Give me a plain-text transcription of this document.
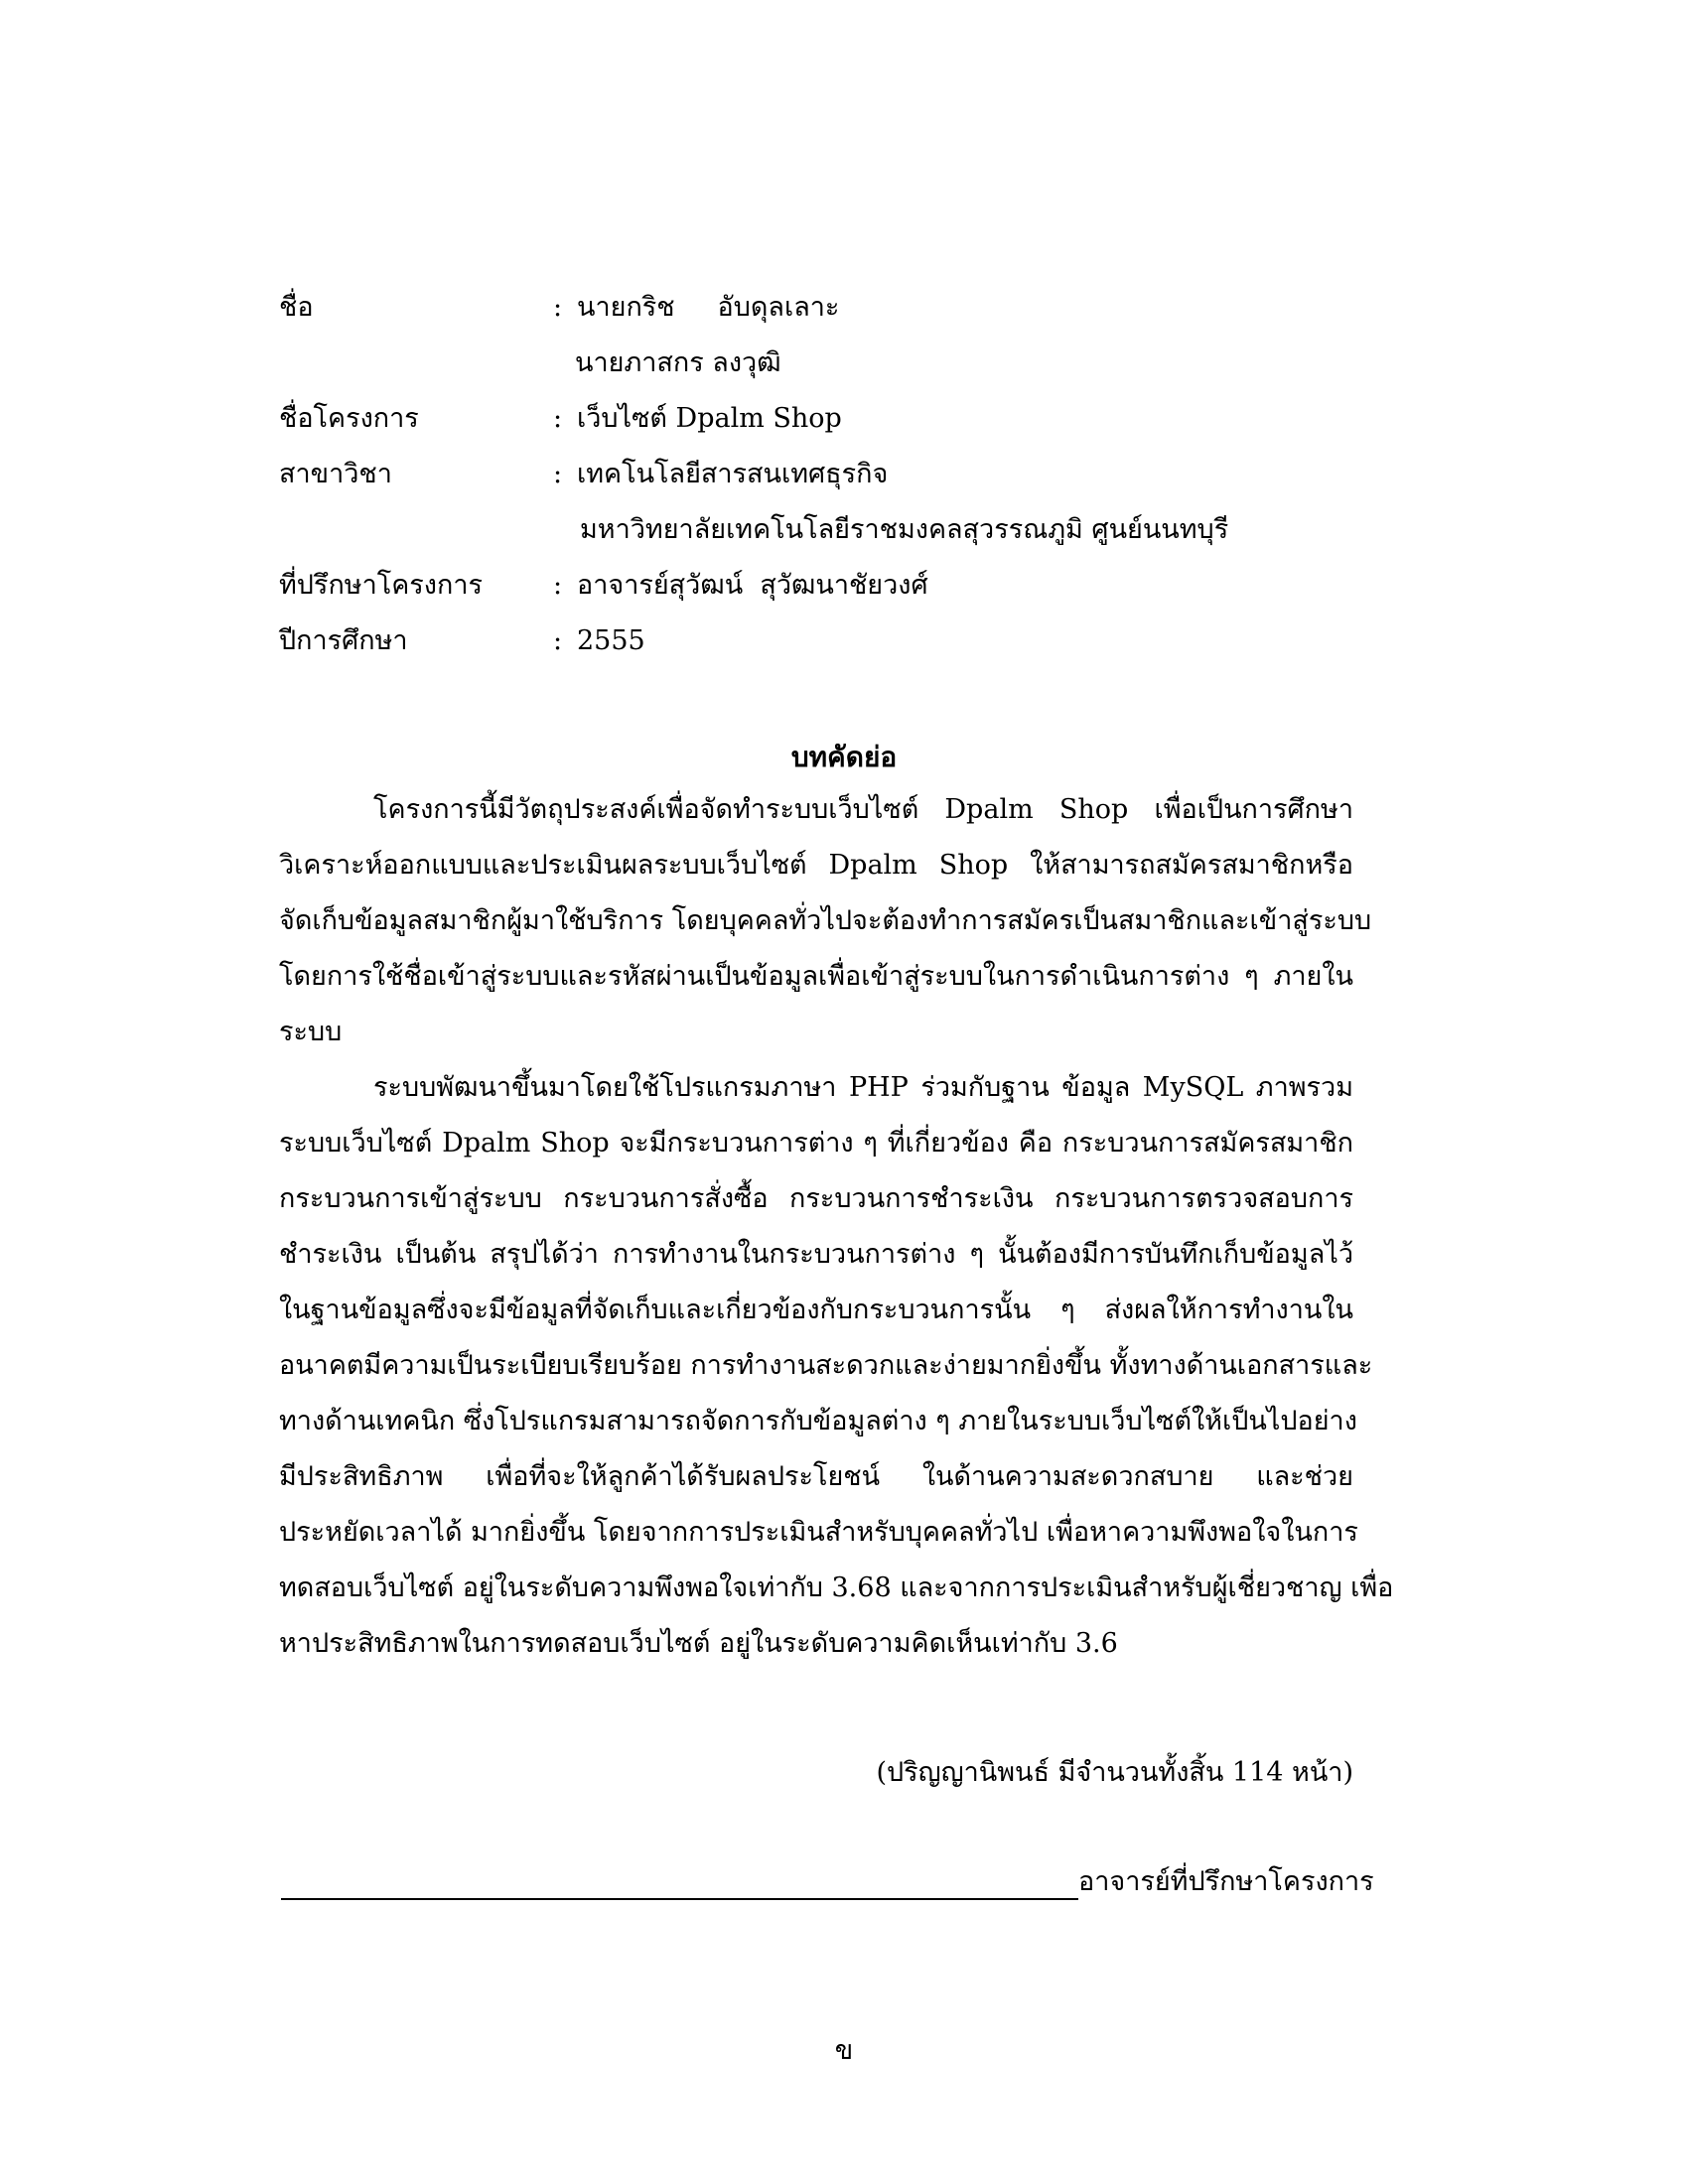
ชื่อ	: นายกริช     อับดุลเลาะ
นายภาสกร ลงวุฒิ
ชื่อโครงการ	: เว็บไซต์ Dpalm Shop
สาขาวิชา	: เทคโนโลยีสารสนเทศธุรกิจ
มหาวิทยาลัยเทคโนโลยีราชมงคลสุวรรณภูมิ ศูนย์นนทบุรี
ที่ปรึกษาโครงการ	: อาจารย์สุวัฒน์  สุวัฒนาชัยวงศ์
ปีการศึกษา	: 2555
บทคัดย่อ
โครงการนี้มีวัตถุประสงค์เพื่อจัดทำระบบเว็บไซต์ Dpalm Shop เพื่อเป็นการศึกษา
วิเคราะห์ออกแบบและประเมินผลระบบเว็บไซต์ Dpalm Shop ให้สามารถสมัครสมาชิกหรือ
จัดเก็บข้อมูลสมาชิกผู้มาใช้บริการ โดยบุคคลทั่วไปจะต้องทำการสมัครเป็นสมาชิกและเข้าสู่ระบบ
โดยการใช้ชื่อเข้าสู่ระบบและรหัสผ่านเป็นข้อมูลเพื่อเข้าสู่ระบบในการดำเนินการต่าง ๆ ภายใน
ระบบ
ระบบพัฒนาขึ้นมาโดยใช้โปรแกรมภาษา PHP ร่วมกับฐาน ข้อมูล MySQL ภาพรวม
ระบบเว็บไซต์ Dpalm Shop จะมีกระบวนการต่าง ๆ ที่เกี่ยวข้อง คือ กระบวนการสมัครสมาชิก
กระบวนการเข้าสู่ระบบ กระบวนการสั่งซื้อ กระบวนการชำระเงิน กระบวนการตรวจสอบการ
ชำระเงิน เป็นต้น สรุปได้ว่า การทำงานในกระบวนการต่าง ๆ นั้นต้องมีการบันทึกเก็บข้อมูลไว้
ในฐานข้อมูลซึ่งจะมีข้อมูลที่จัดเก็บและเกี่ยวข้องกับกระบวนการนั้น ๆ ส่งผลให้การทำงานใน
อนาคตมีความเป็นระเบียบเรียบร้อย การทำงานสะดวกและง่ายมากยิ่งขึ้น ทั้งทางด้านเอกสารและ
ทางด้านเทคนิก ซึ่งโปรแกรมสามารถจัดการกับข้อมูลต่าง ๆ ภายในระบบเว็บไซต์ให้เป็นไปอย่าง
มีประสิทธิภาพ เพื่อที่จะให้ลูกค้าได้รับผลประโยชน์ ในด้านความสะดวกสบาย และช่วย
ประหยัดเวลาได้ มากยิ่งขึ้น โดยจากการประเมินสำหรับบุคคลทั่วไป เพื่อหาความพึงพอใจในการ
ทดสอบเว็บไซต์ อยู่ในระดับความพึงพอใจเท่ากับ 3.68 และจากการประเมินสำหรับผู้เชี่ยวชาญ เพื่อ
หาประสิทธิภาพในการทดสอบเว็บไซต์ อยู่ในระดับความคิดเห็นเท่ากับ 3.6
(ปริญญานิพนธ์ มีจำนวนทั้งสิ้น 114 หน้า)
อาจารย์ที่ปรึกษาโครงการ
ข
